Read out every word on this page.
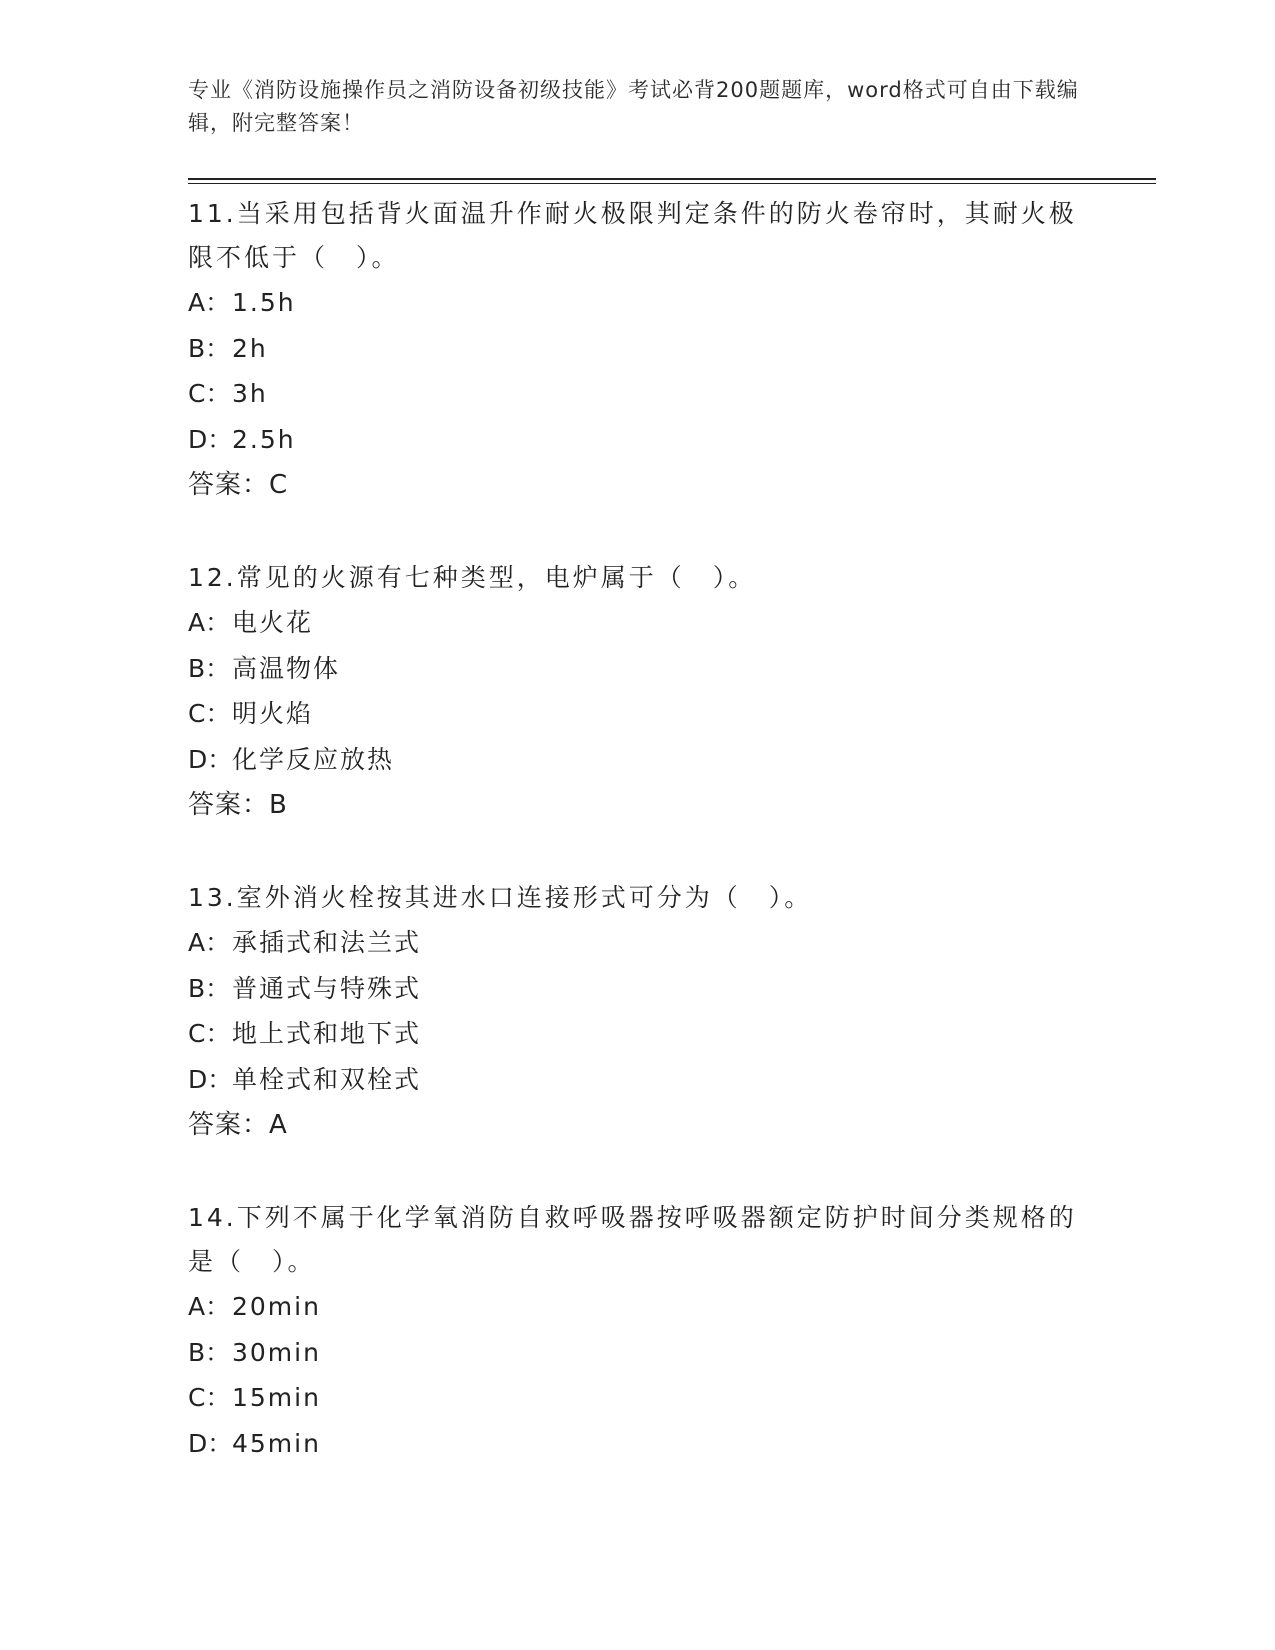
专业《消防设施操作员之消防设备初级技能》考试必背200题题库，word格式可自由下载编辑，附完整答案！
11.当采用包括背火面温升作耐火极限判定条件的防火卷帘时，其耐火极限不低于（　）。
A：1.5h
B：2h
C：3h
D：2.5h
答案：C
12.常见的火源有七种类型，电炉属于（　）。
A：电火花
B：高温物体
C：明火焰
D：化学反应放热
答案：B
13.室外消火栓按其进水口连接形式可分为（　）。
A：承插式和法兰式
B：普通式与特殊式
C：地上式和地下式
D：单栓式和双栓式
答案：A
14.下列不属于化学氧消防自救呼吸器按呼吸器额定防护时间分类规格的是（　）。
A：20min
B：30min
C：15min
D：45min
